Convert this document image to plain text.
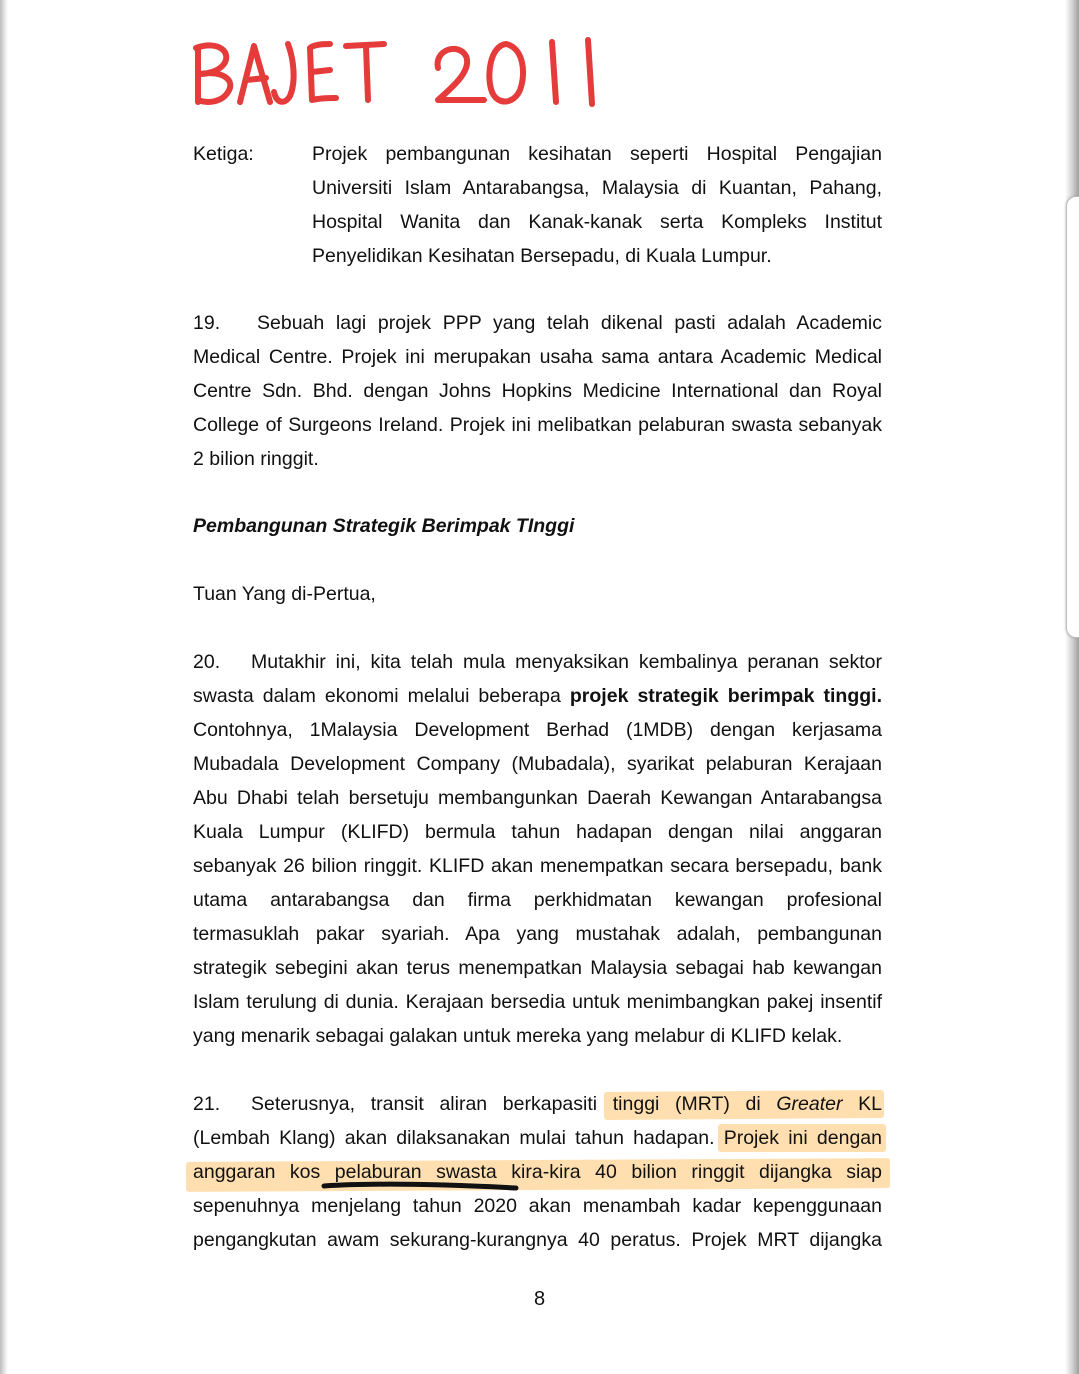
Ketiga:	Projek pembangunan kesihatan seperti Hospital Pengajian
Universiti Islam Antarabangsa, Malaysia di Kuantan, Pahang,
Hospital Wanita dan Kanak-kanak serta Kompleks Institut
Penyelidikan Kesihatan Bersepadu, di Kuala Lumpur.
19. Sebuah lagi projek PPP yang telah dikenal pasti adalah Academic
Medical Centre. Projek ini merupakan usaha sama antara Academic Medical
Centre Sdn. Bhd. dengan Johns Hopkins Medicine International dan Royal
College of Surgeons Ireland. Projek ini melibatkan pelaburan swasta sebanyak
2 bilion ringgit.
Pembangunan Strategik Berimpak TInggi
Tuan Yang di-Pertua,
20. Mutakhir ini, kita telah mula menyaksikan kembalinya peranan sektor
swasta dalam ekonomi melalui beberapa projek strategik berimpak tinggi.
Contohnya, 1Malaysia Development Berhad (1MDB) dengan kerjasama
Mubadala Development Company (Mubadala), syarikat pelaburan Kerajaan
Abu Dhabi telah bersetuju membangunkan Daerah Kewangan Antarabangsa
Kuala Lumpur (KLIFD) bermula tahun hadapan dengan nilai anggaran
sebanyak 26 bilion ringgit. KLIFD akan menempatkan secara bersepadu, bank
utama antarabangsa dan firma perkhidmatan kewangan profesional
termasuklah pakar syariah. Apa yang mustahak adalah, pembangunan
strategik sebegini akan terus menempatkan Malaysia sebagai hab kewangan
Islam terulung di dunia. Kerajaan bersedia untuk menimbangkan pakej insentif
yang menarik sebagai galakan untuk mereka yang melabur di KLIFD kelak.
21. Seterusnya, transit aliran berkapasiti tinggi (MRT) di Greater KL
(Lembah Klang) akan dilaksanakan mulai tahun hadapan. Projek ini dengan
anggaran kos pelaburan swasta kira-kira 40 bilion ringgit dijangka siap
sepenuhnya menjelang tahun 2020 akan menambah kadar kepenggunaan
pengangkutan awam sekurang-kurangnya 40 peratus. Projek MRT dijangka
8
